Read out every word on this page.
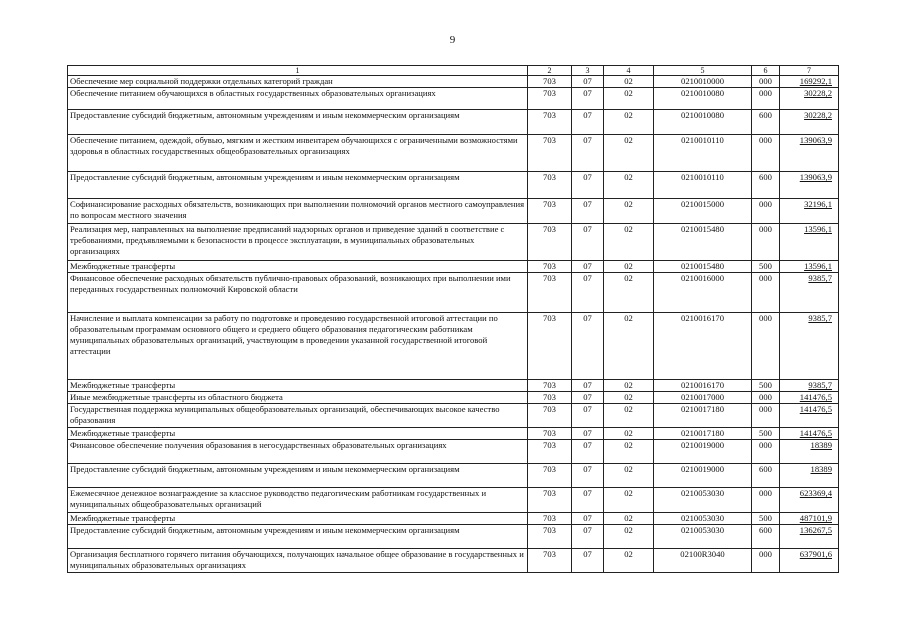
9
1	2	3	4	5	6	7
Обеспечение мер социальной поддержки отдельных категорий граждан	703	07	02	0210010000	000	169292,1
Обеспечение питанием обучающихся в областных государственных образовательных организациях	703	07	02	0210010080	000	30228,2
Предоставление субсидий бюджетным, автономным учреждениям и иным некоммерческим организациям	703	07	02	0210010080	600	30228,2
Обеспечение питанием, одеждой, обувью, мягким и жестким инвентарем обучающихся с ограниченными возможностями здоровья в областных государственных общеобразовательных организациях	703	07	02	0210010110	000	139063,9
Предоставление субсидий бюджетным, автономным учреждениям и иным некоммерческим организациям	703	07	02	0210010110	600	139063,9
Софинансирование расходных обязательств, возникающих при выполнении полномочий органов местного самоуправления по вопросам местного значения	703	07	02	0210015000	000	32196,1
Реализация мер, направленных на выполнение предписаний надзорных органов и приведение зданий в соответствие с требованиями, предъявляемыми к безопасности в процессе эксплуатации, в муниципальных образовательных организациях	703	07	02	0210015480	000	13596,1
Межбюджетные трансферты	703	07	02	0210015480	500	13596,1
Финансовое обеспечение расходных обязательств публично-правовых образований, возникающих при выполнении ими переданных государственных полномочий Кировской области	703	07	02	0210016000	000	9385,7
Начисление и выплата компенсации за работу по подготовке и проведению государственной итоговой аттестации по образовательным программам основного общего и среднего общего образования педагогическим работникам муниципальных образовательных организаций, участвующим в проведении указанной государственной итоговой аттестации	703	07	02	0210016170	000	9385,7
Межбюджетные трансферты	703	07	02	0210016170	500	9385,7
Иные межбюджетные трансферты из областного бюджета	703	07	02	0210017000	000	141476,5
Государственная поддержка муниципальных общеобразовательных организаций, обеспечивающих высокое качество образования	703	07	02	0210017180	000	141476,5
Межбюджетные трансферты	703	07	02	0210017180	500	141476,5
Финансовое обеспечение получения образования в негосударственных образовательных организациях	703	07	02	0210019000	000	18389
Предоставление субсидий бюджетным, автономным учреждениям и иным некоммерческим организациям	703	07	02	0210019000	600	18389
Ежемесячное денежное вознаграждение за классное руководство педагогическим работникам государственных и муниципальных общеобразовательных организаций	703	07	02	0210053030	000	623369,4
Межбюджетные трансферты	703	07	02	0210053030	500	487101,9
Предоставление субсидий бюджетным, автономным учреждениям и иным некоммерческим организациям	703	07	02	0210053030	600	136267,5
Организация бесплатного горячего питания обучающихся, получающих начальное общее образование в государственных и муниципальных образовательных организациях	703	07	02	02100R3040	000	637901,6
